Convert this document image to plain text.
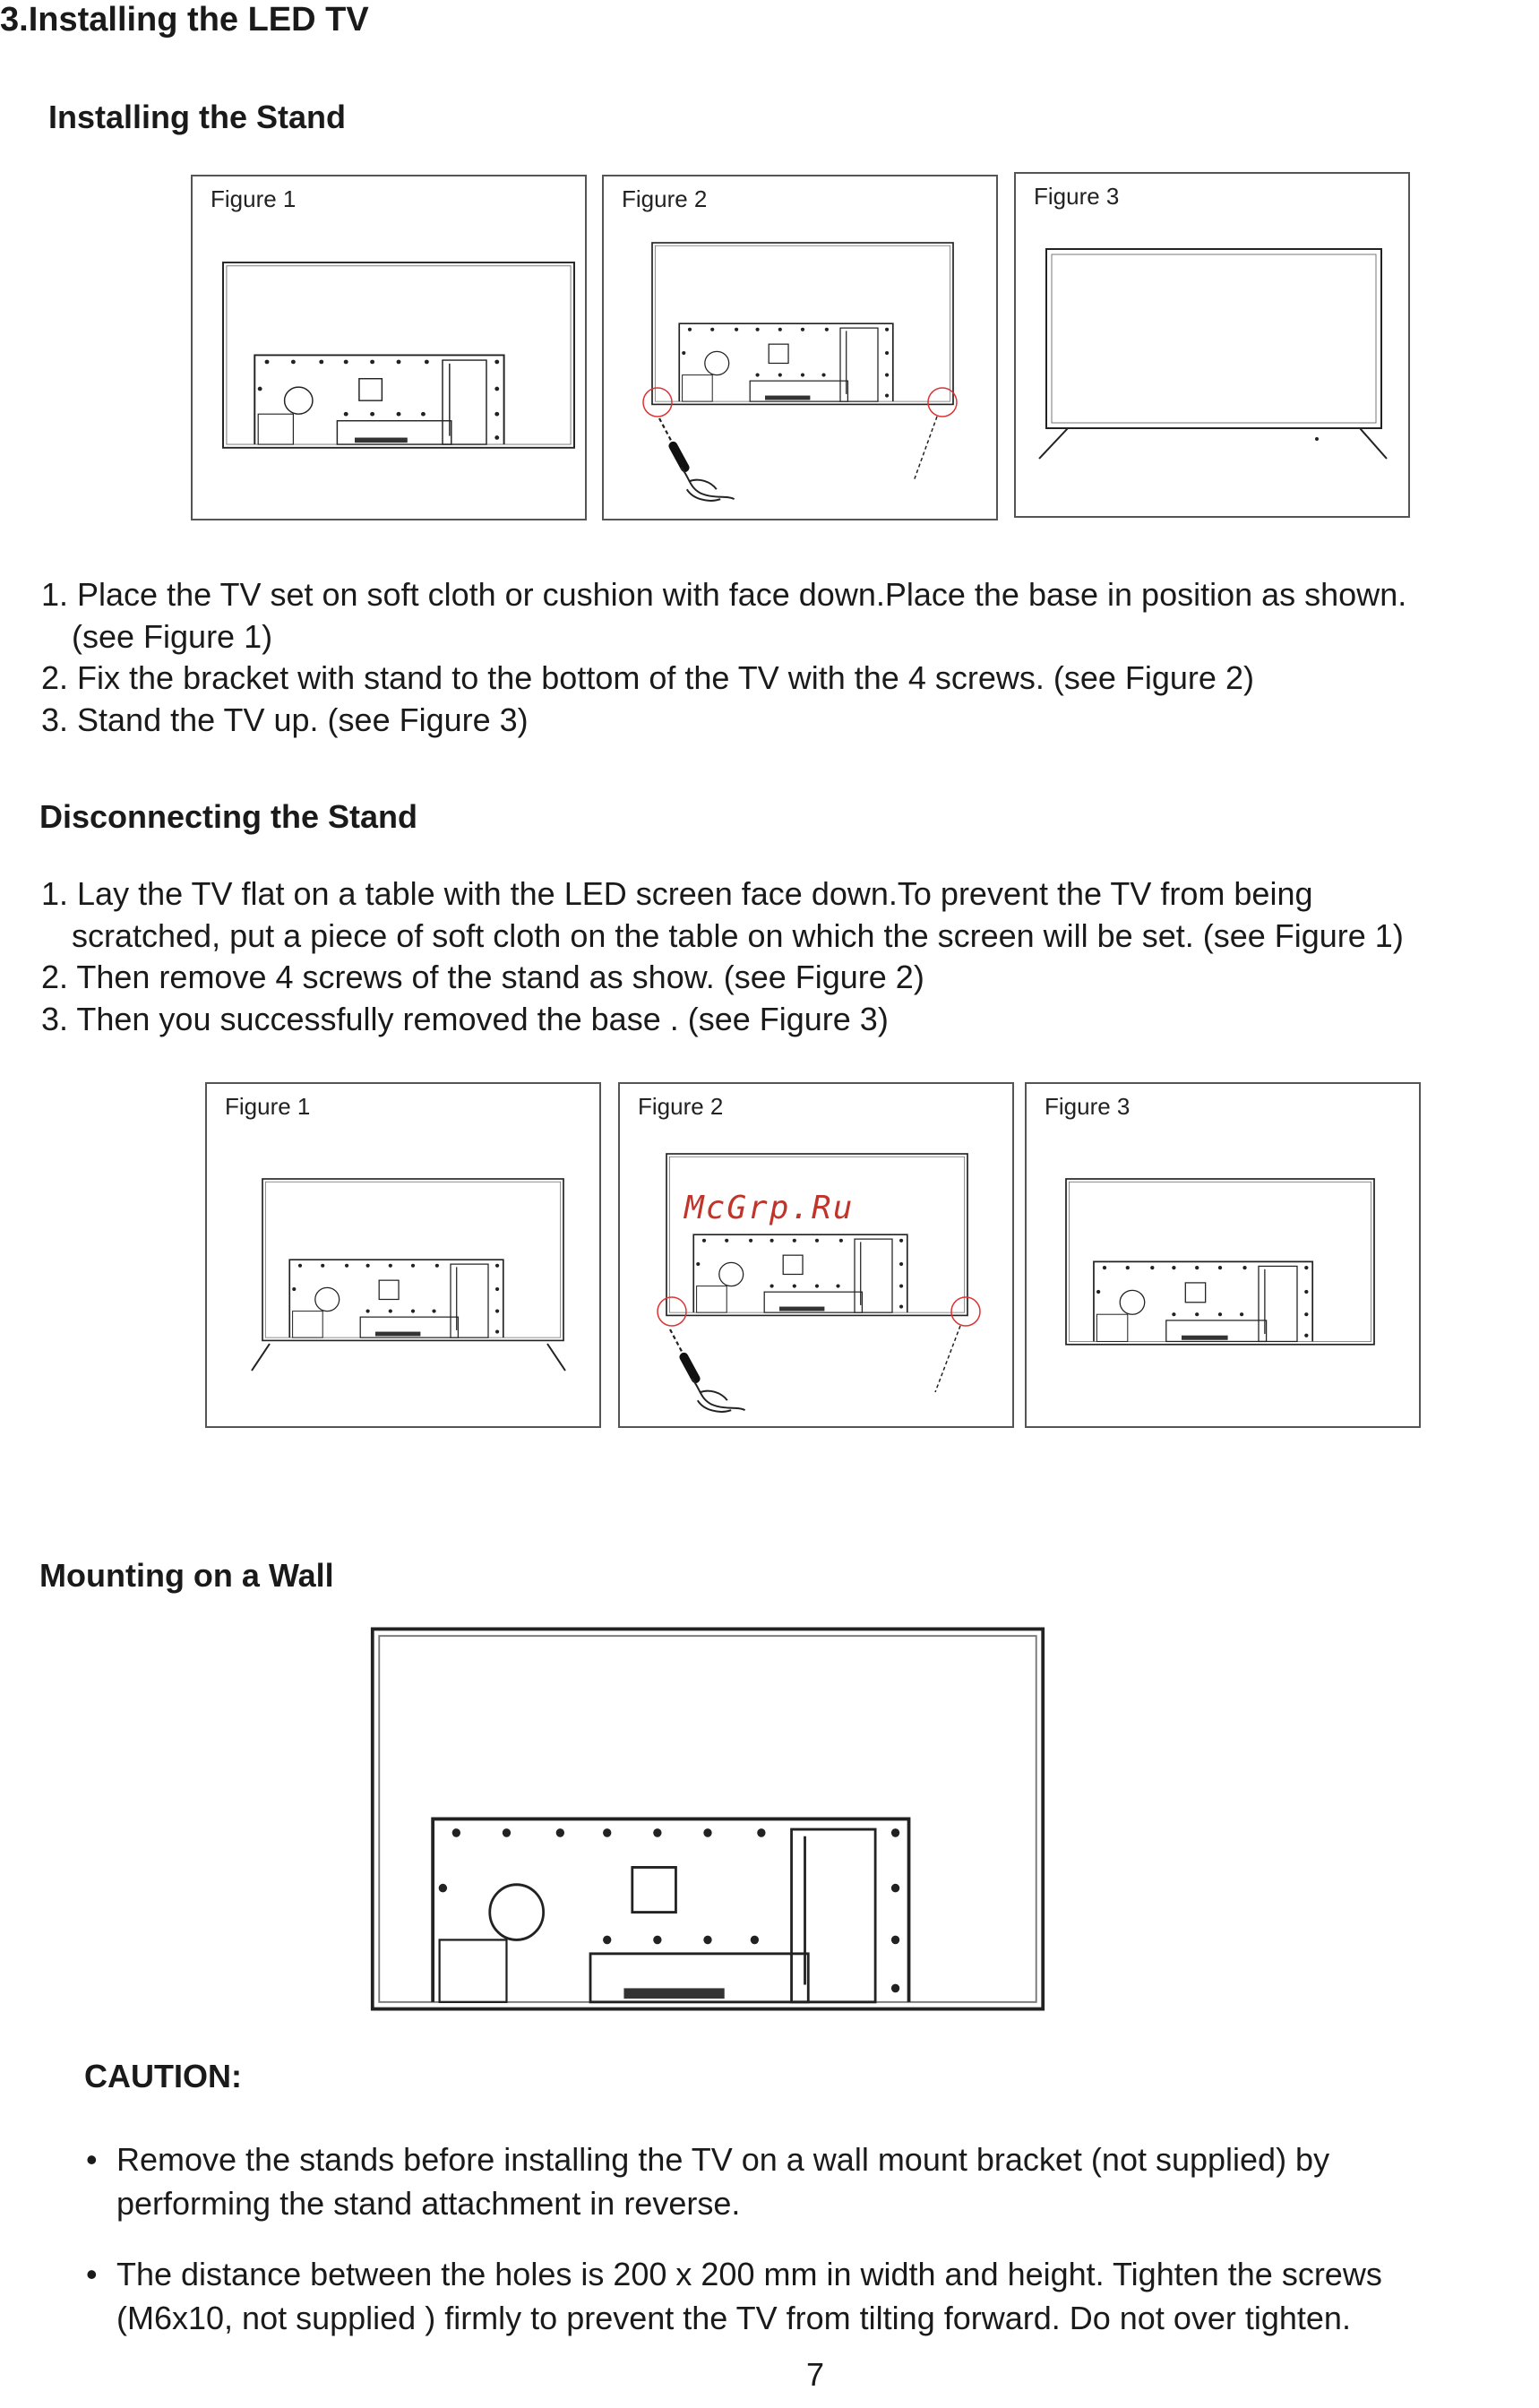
3.Installing the LED TV
Installing the Stand
Figure 1	Figure 2	Figure 3
1. Place the TV set on soft cloth or cushion with face down.Place the base in position as shown.
(see Figure 1)
2. Fix the bracket with stand to the bottom of the TV with the 4 screws. (see Figure 2)
3. Stand the TV up. (see Figure 3)
Disconnecting the Stand
1. Lay the TV flat on a table with the LED screen face down.To prevent the TV from being
scratched, put a piece of soft cloth on the table on which the screen will be set. (see Figure 1)
2. Then remove 4 screws of the stand as show. (see Figure 2)
3. Then you successfully removed the base . (see Figure 3)
Figure 1	Figure 2
McGrp.Ru
Figure 3
Mounting on a Wall
CAUTION:
• Remove the stands before installing the TV on a wall mount bracket (not supplied) by
performing the stand attachment in reverse.
• The distance between the holes is 200 x 200 mm in width and height. Tighten the screws
(M6x10, not supplied ) firmly to prevent the TV from tilting forward. Do not over tighten.
7
